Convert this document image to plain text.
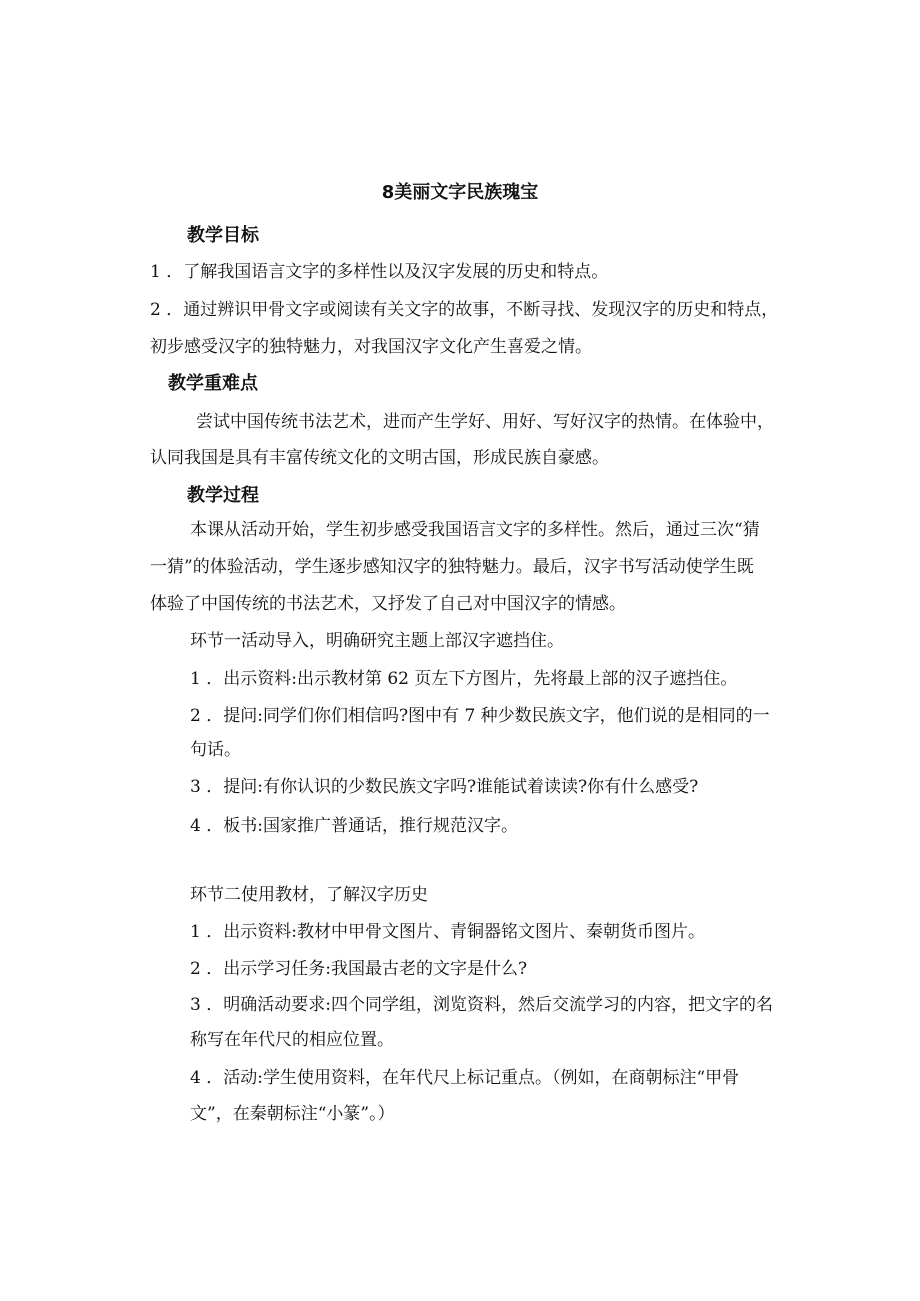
8美丽文字民族瑰宝
教学目标
1 ．了解我国语言文字的多样性以及汉字发展的历史和特点。
2 ．通过辨识甲骨文字或阅读有关文字的故事，不断寻找、发现汉字的历史和特点，
初步感受汉字的独特魅力，对我国汉字文化产生喜爱之情。
教学重难点
尝试中国传统书法艺术，进而产生学好、用好、写好汉字的热情。在体验中，
认同我国是具有丰富传统文化的文明古国，形成民族自豪感。
教学过程
本课从活动开始，学生初步感受我国语言文字的多样性。然后，通过三次“猜
一猜”的体验活动，学生逐步感知汉字的独特魅力。最后，汉字书写活动使学生既
体验了中国传统的书法艺术，又抒发了自己对中国汉字的情感。
环节一活动导入，明确研究主题上部汉字遮挡住。
1 ．出示资料:出示教材第 62 页左下方图片，先将最上部的汉子遮挡住。
2 ．提问:同学们你们相信吗?图中有 7 种少数民族文字，他们说的是相同的一
句话。
3 ．提问:有你认识的少数民族文字吗?谁能试着读读?你有什么感受?
4 ．板书:国家推广普通话，推行规范汉字。
环节二使用教材，了解汉字历史
1 ．出示资料:教材中甲骨文图片、青铜器铭文图片、秦朝货币图片。
2 ．出示学习任务:我国最古老的文字是什么?
3 ．明确活动要求:四个同学组，浏览资料，然后交流学习的内容，把文字的名
称写在年代尺的相应位置。
4 ．活动:学生使用资料，在年代尺上标记重点。（例如，在商朝标注“甲骨
文”，在秦朝标注“小篆”。）
